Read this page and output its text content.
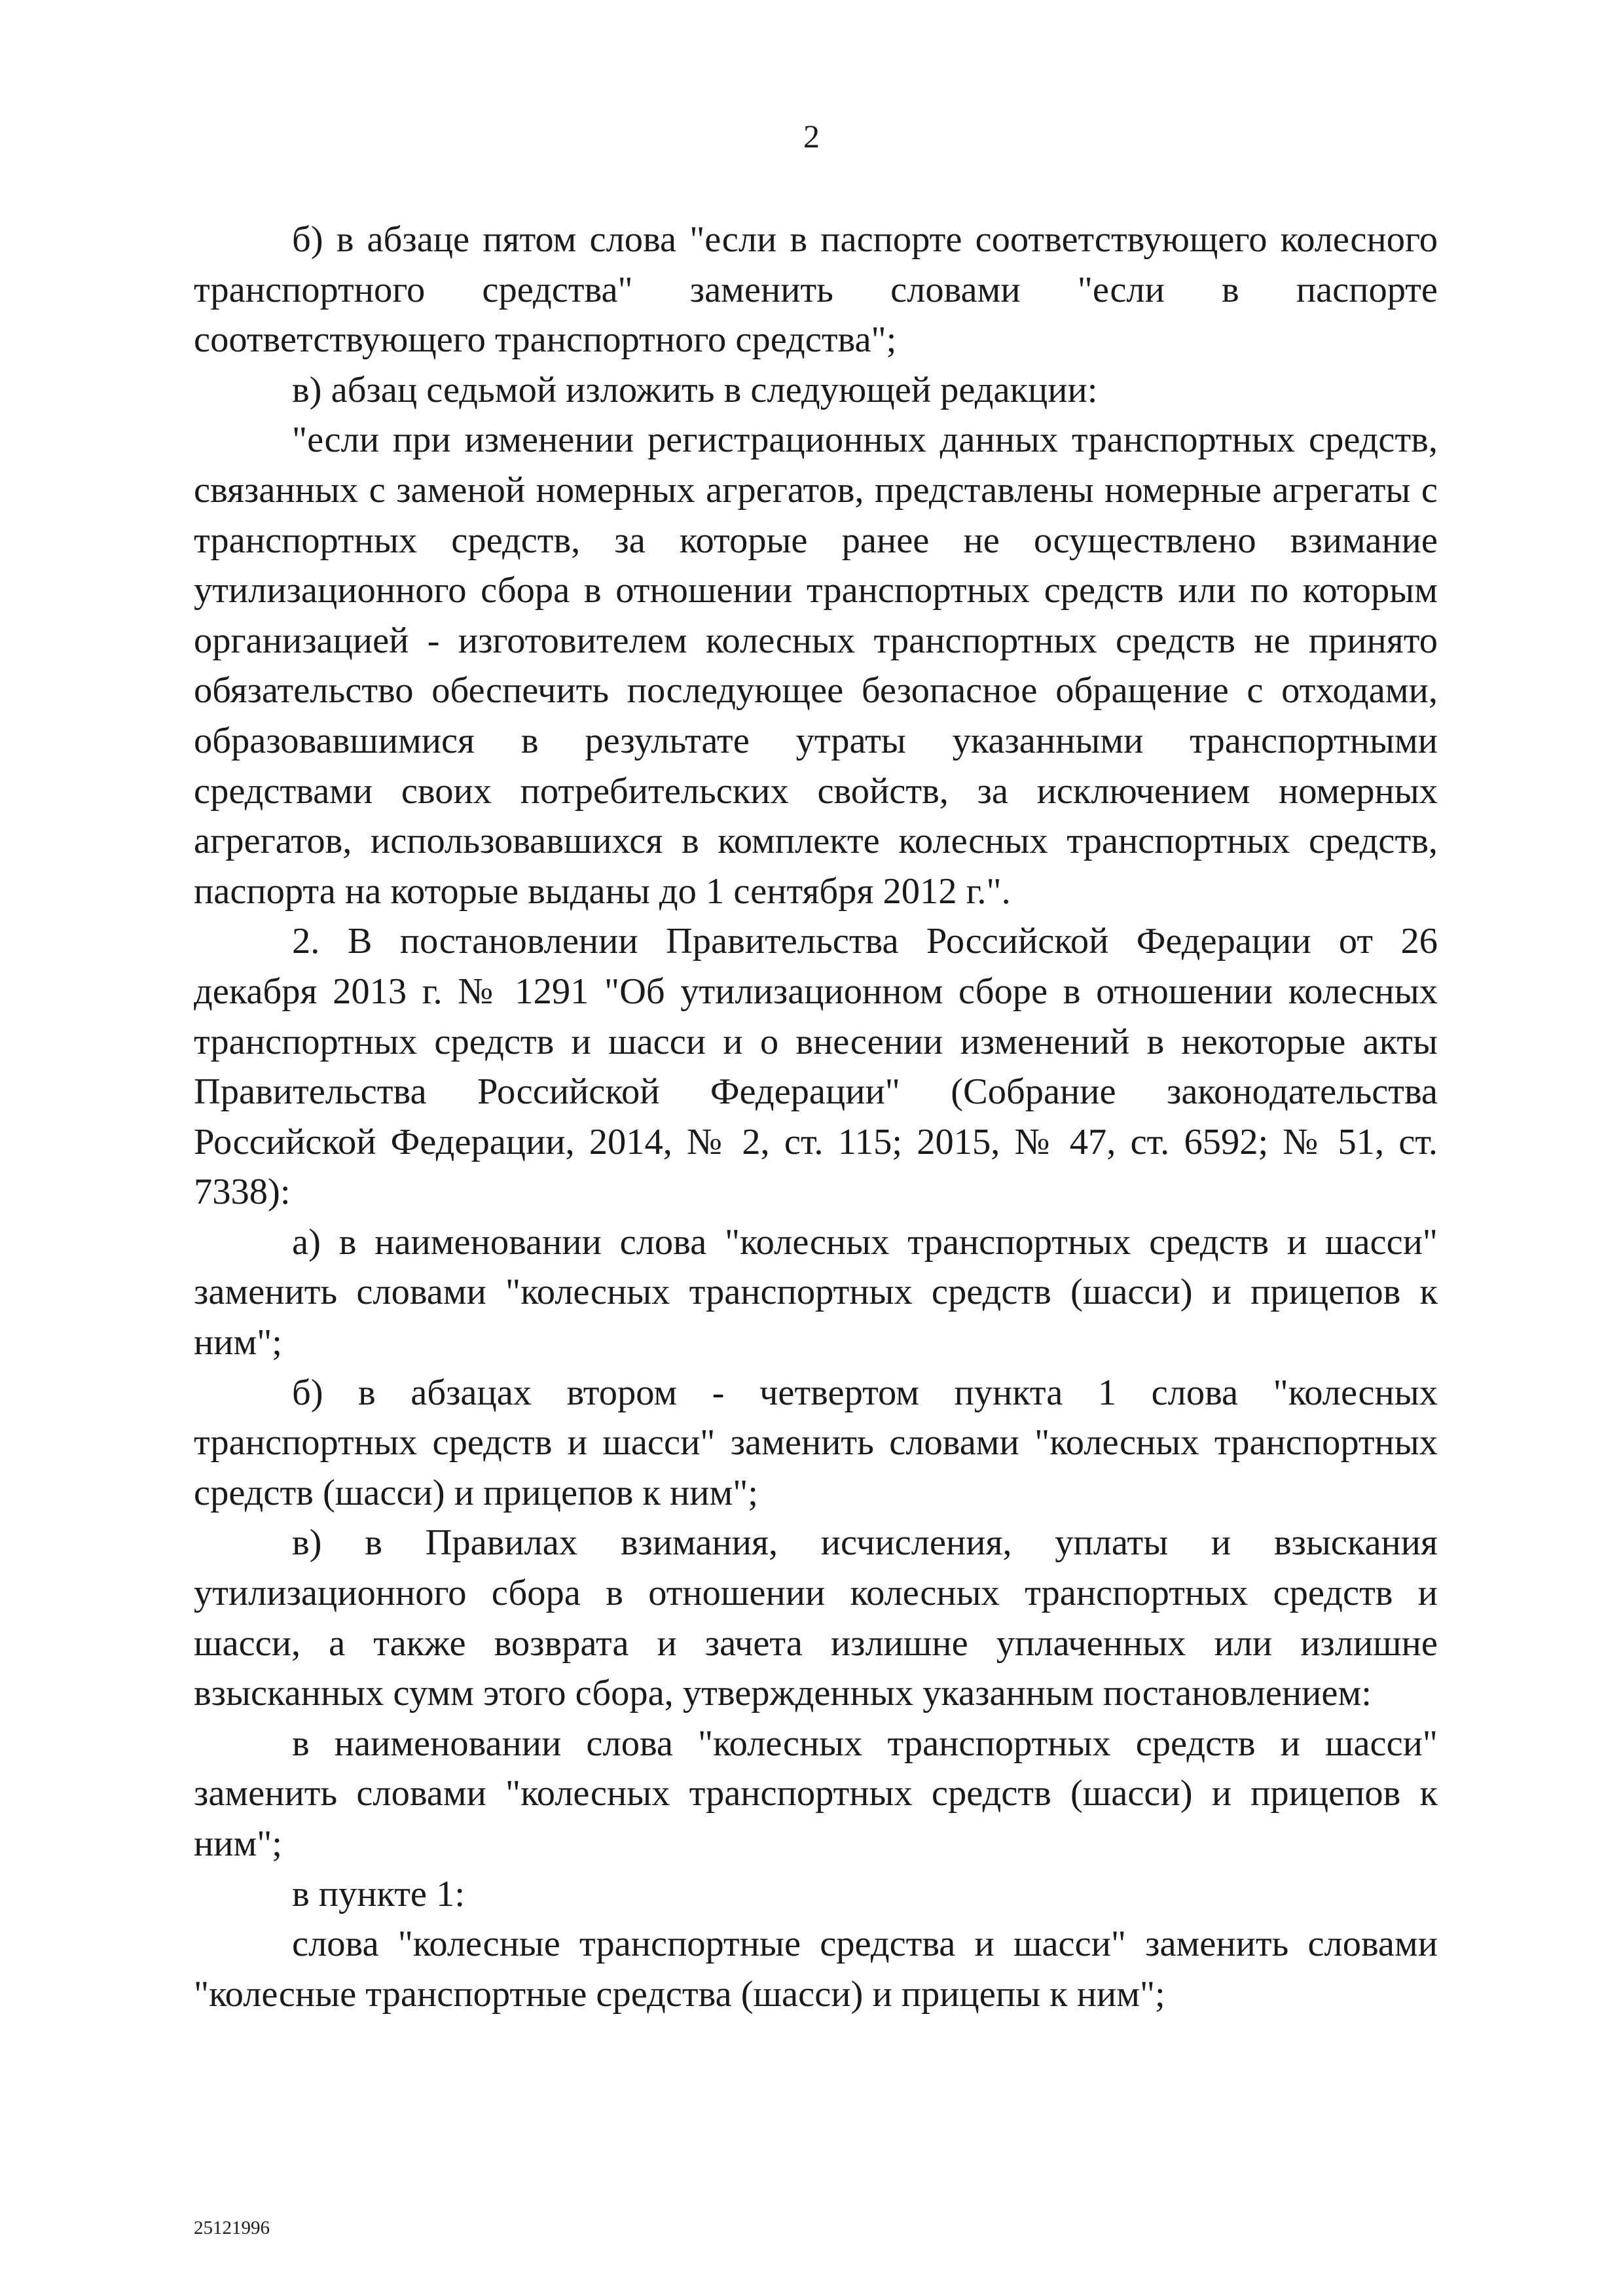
2

б) в абзаце пятом слова "если в паспорте соответствующего колесного транспортного средства" заменить словами "если в паспорте соответствующего транспортного средства";

в) абзац седьмой изложить в следующей редакции:

"если при изменении регистрационных данных транспортных средств, связанных с заменой номерных агрегатов, представлены номерные агрегаты с транспортных средств, за которые ранее не осуществлено взимание утилизационного сбора в отношении транспортных средств или по которым организацией - изготовителем колесных транспортных средств не принято обязательство обеспечить последующее безопасное обращение с отходами, образовавшимися в результате утраты указанными транспортными средствами своих потребительских свойств, за исключением номерных агрегатов, использовавшихся в комплекте колесных транспортных средств, паспорта на которые выданы до 1 сентября 2012 г.".

2. В постановлении Правительства Российской Федерации от 26 декабря 2013 г. № 1291 "Об утилизационном сборе в отношении колесных транспортных средств и шасси и о внесении изменений в некоторые акты Правительства Российской Федерации" (Собрание законодательства Российской Федерации, 2014, № 2, ст. 115; 2015, № 47, ст. 6592; № 51, ст. 7338):

а) в наименовании слова "колесных транспортных средств и шасси" заменить словами "колесных транспортных средств (шасси) и прицепов к ним";

б) в абзацах втором - четвертом пункта 1 слова "колесных транспортных средств и шасси" заменить словами "колесных транспортных средств (шасси) и прицепов к ним";

в) в Правилах взимания, исчисления, уплаты и взыскания утилизационного сбора в отношении колесных транспортных средств и шасси, а также возврата и зачета излишне уплаченных или излишне взысканных сумм этого сбора, утвержденных указанным постановлением:

в наименовании слова "колесных транспортных средств и шасси" заменить словами "колесных транспортных средств (шасси) и прицепов к ним";

в пункте 1:

слова "колесные транспортные средства и шасси" заменить словами "колесные транспортные средства (шасси) и прицепы к ним";

25121996
